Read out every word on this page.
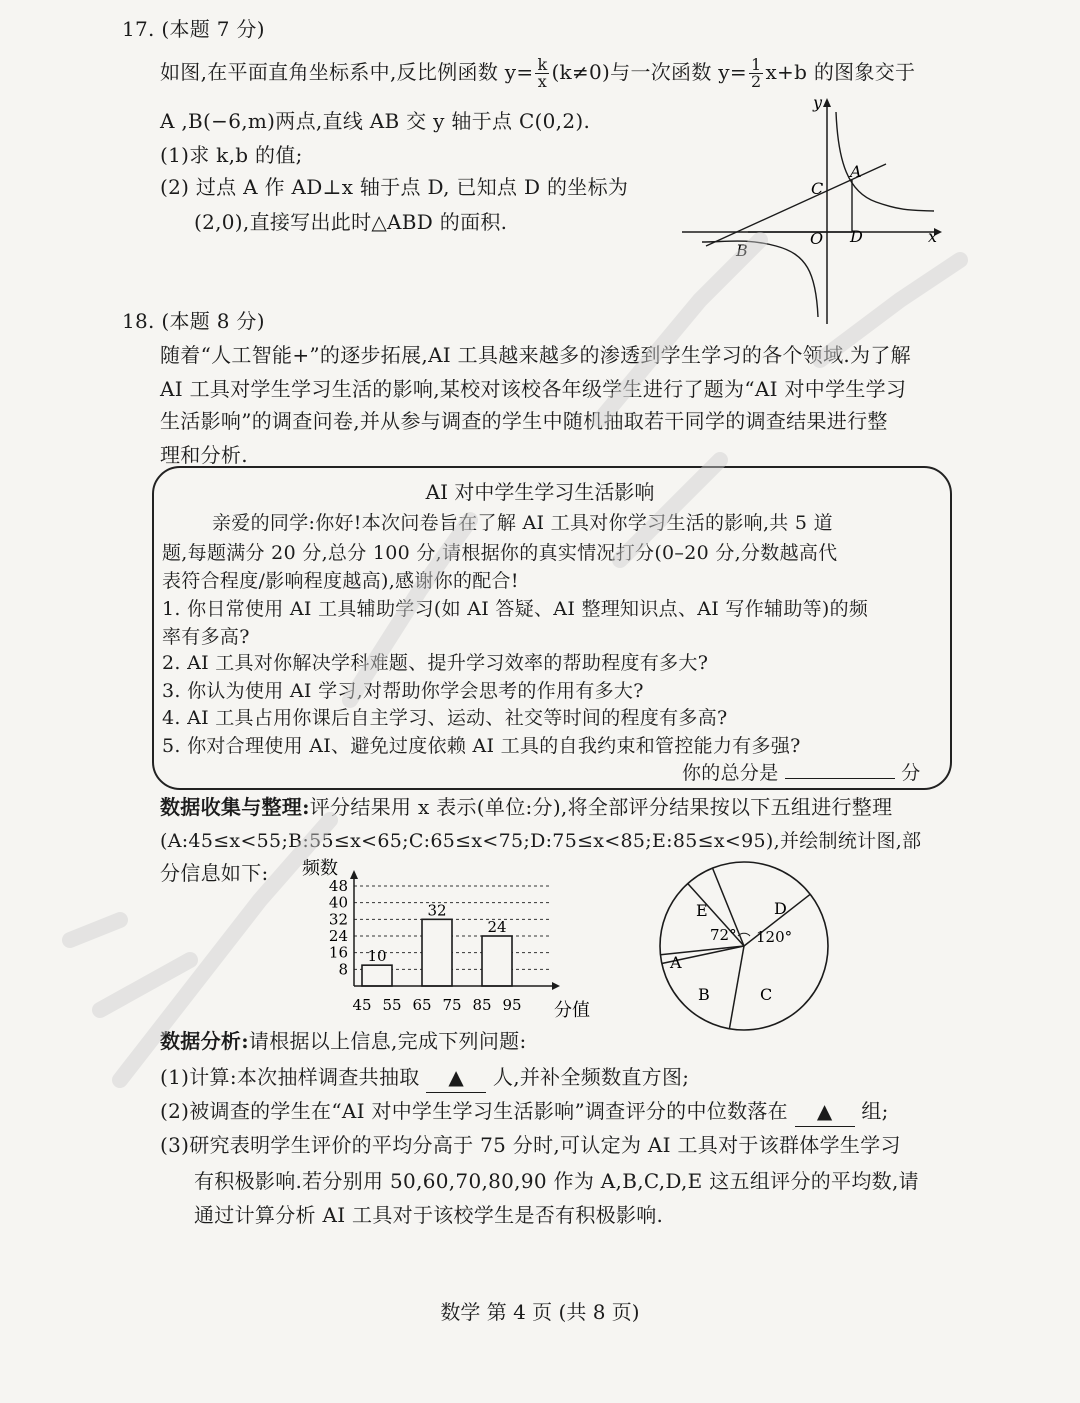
17. (本题 7 分)
如图,在平面直角坐标系中,反比例函数 $y= \frac{k}{x} (k\ne 0)$与一次函数 $y= \frac{1}{2} x+b$ 的图象交于
A ,B(−6,m)两点,直线 AB 交 y 轴于点 C(0,2).
(1)求 k,b 的值;
(2) 过点 A 作 AD⊥x 轴于点 D, 已知点 D 的坐标为
(2,0),直接写出此时△ABD 的面积.
A
B
C
O D	x
y
18. (本题 8 分)
随着“人工智能+”的逐步拓展,AI 工具越来越多的渗透到学生学习的各个领域.为了解
AI 工具对学生学习生活的影响,某校对该校各年级学生进行了题为“AI 对中学生学习
生活影响”的调查问卷,并从参与调查的学生中随机抽取若干同学的调查结果进行整
理和分析.
AI 对中学生学习生活影响
亲爱的同学:你好!本次问卷旨在了解 AI 工具对你学习生活的影响,共 5 道
题,每题满分 20 分,总分 100 分,请根据你的真实情况打分(0–20 分,分数越高代
表符合程度/影响程度越高),感谢你的配合!
1. 你日常使用 AI 工具辅助学习(如 AI 答疑、AI 整理知识点、AI 写作辅助等)的频
率有多高?
2. AI 工具对你解决学科难题、提升学习效率的帮助程度有多大?
3. 你认为使用 AI 学习,对帮助你学会思考的作用有多大?
4. AI 工具占用你课后自主学习、运动、社交等时间的程度有多高?
5. 你对合理使用 AI、避免过度依赖 AI 工具的自我约束和管控能力有多强?
你的总分是	分
数据收集与整理:评分结果用 x 表示(单位:分),将全部评分结果按以下五组进行整理
(A:45≤x<55;B:55≤x<65;C:65≤x<75;D:75≤x<85;E:85≤x<95),并绘制统计图,部
分信息如下: 频数
分值
8
16
24
32
40
48
45 55 65 75 85 95
10
32
24
E	D
C
B
A
72° 120°
数据分析:请根据以上信息,完成下列问题:
(1)计算:本次抽样调查共抽取 ▲ 人,并补全频数直方图;
(2)被调查的学生在“AI 对中学生学习生活影响”调查评分的中位数落在 ▲ 组;
(3)研究表明学生评价的平均分高于 75 分时,可认定为 AI 工具对于该群体学生学习
有积极影响.若分别用 50,60,70,80,90 作为 A,B,C,D,E 这五组评分的平均数,请
通过计算分析 AI 工具对于该校学生是否有积极影响.
数学 第 4 页 (共 8 页)
